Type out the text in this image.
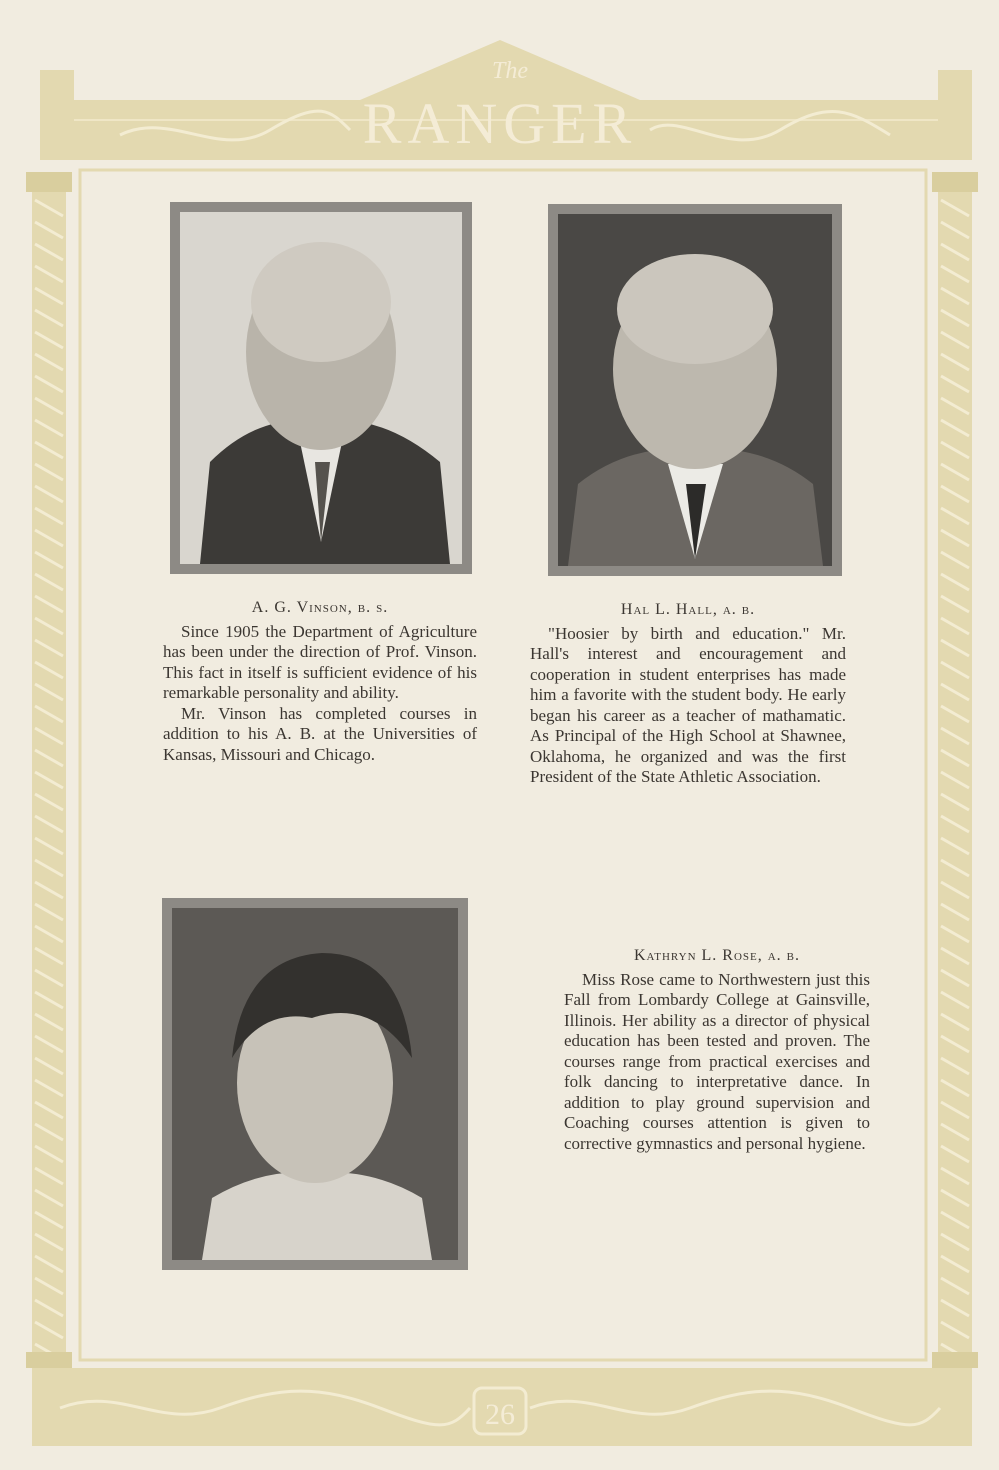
The
RANGER
A. G. Vinson, b. s.

Since 1905 the Department of Agriculture has been under the direction of Prof. Vinson. This fact in itself is sufficient evidence of his remarkable personality and ability.

Mr. Vinson has completed courses in addition to his A. B. at the Universities of Kansas, Missouri and Chicago.

Hal L. Hall, a. b.

"Hoosier by birth and education." Mr. Hall's interest and encouragement and cooperation in student enterprises has made him a favorite with the student body. He early began his career as a teacher of mathamatic. As Principal of the High School at Shawnee, Oklahoma, he organized and was the first President of the State Athletic Association.

Kathryn L. Rose, a. b.

Miss Rose came to Northwestern just this Fall from Lombardy College at Gainsville, Illinois. Her ability as a director of physical education has been tested and proven. The courses range from practical exercises and folk dancing to interpretative dance. In addition to play ground supervision and Coaching courses attention is given to corrective gymnastics and personal hygiene.

26
